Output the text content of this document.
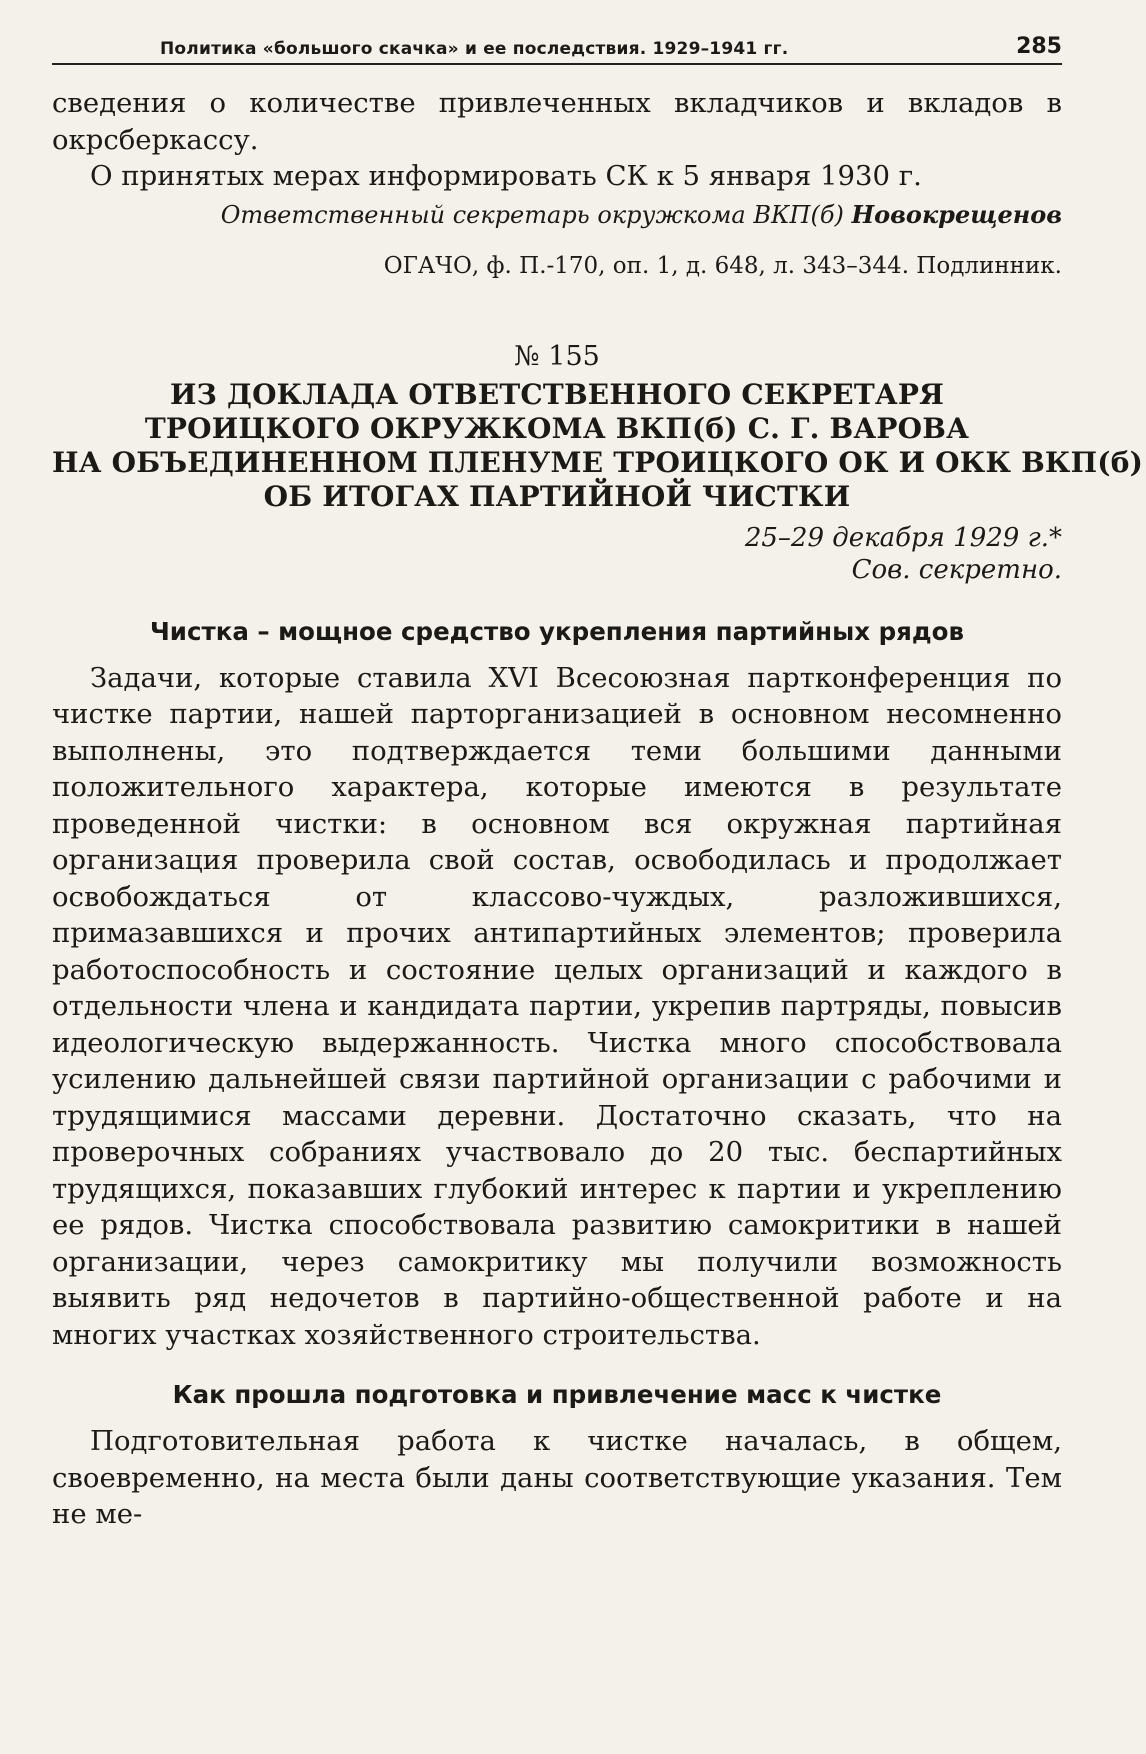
Политика «большого скачка» и ее последствия. 1929–1941 гг.	285

сведения о количестве привлеченных вкладчиков и вкладов в окрсберкассу.

О принятых мерах информировать СК к 5 января 1930 г.

Ответственный секретарь окружкома ВКП(б) Новокрещенов

ОГАЧО, ф. П.-170, оп. 1, д. 648, л. 343–344. Подлинник.

№ 155
ИЗ ДОКЛАДА ОТВЕТСТВЕННОГО СЕКРЕТАРЯ
ТРОИЦКОГО ОКРУЖКОМА ВКП(б) С. Г. ВАРОВА
НА ОБЪЕДИНЕННОМ ПЛЕНУМЕ ТРОИЦКОГО ОК И ОКК ВКП(б)
ОБ ИТОГАХ ПАРТИЙНОЙ ЧИСТКИ
25–29 декабря 1929 г.*
Сов. секретно.
Чистка – мощное средство укрепления партийных рядов

Задачи, которые ставила XVI Всесоюзная партконференция по чистке партии, нашей парторганизацией в основном несомненно выполнены, это подтверждается теми большими данными положительного характера, которые имеются в результате проведенной чистки: в основном вся окружная партийная организация проверила свой состав, освободилась и продолжает освобождаться от классово-чуждых, разложившихся, примазавшихся и прочих антипартийных элементов; проверила работоспособность и состояние целых организаций и каждого в отдельности члена и кандидата партии, укрепив партряды, повысив идеологическую выдержанность. Чистка много способствовала усилению дальнейшей связи партийной организации с рабочими и трудящимися массами деревни. Достаточно сказать, что на проверочных собраниях участвовало до 20 тыс. беспартийных трудящихся, показавших глубокий интерес к партии и укреплению ее рядов. Чистка способствовала развитию самокритики в нашей организации, через самокритику мы получили возможность выявить ряд недочетов в партийно-общественной работе и на многих участках хозяйственного строительства.

Как прошла подготовка и привлечение масс к чистке

Подготовительная работа к чистке началась, в общем, своевременно, на места были даны соответствующие указания. Тем не ме-
